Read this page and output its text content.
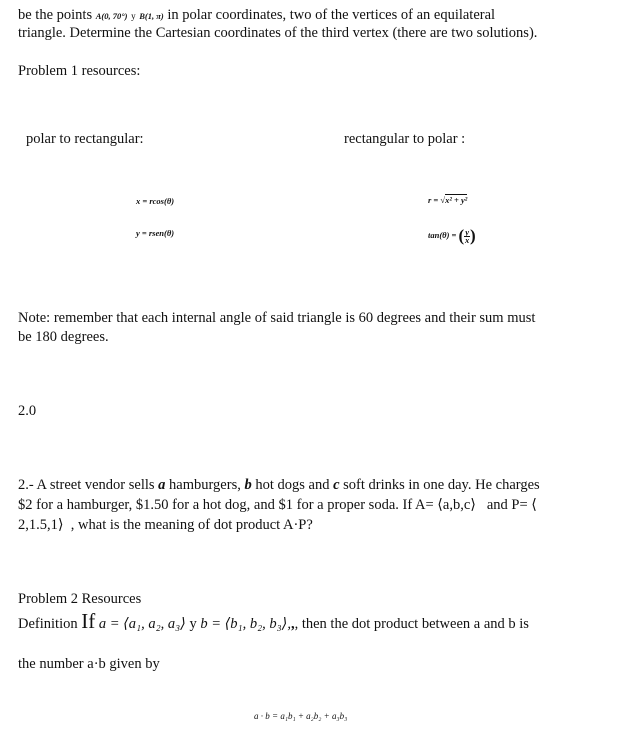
be the points A(0, 70°) y B(1, π) in polar coordinates, two of the vertices of an equilateral
triangle. Determine the Cartesian coordinates of the third vertex (there are two solutions).
Problem 1 resources:
polar to rectangular:	rectangular to polar :
x = rcos(θ)
y = rsen(θ)
r = √x² + y²
tan(θ) = ( $\frac{y}{x}$ )
Note: remember that each internal angle of said triangle is 60 degrees and their sum must
be 180 degrees.
2.0
2.- A street vendor sells a hamburgers, b hot dogs and c soft drinks in one day. He charges
$2 for a hamburger, $1.50 for a hot dog, and $1 for a proper soda. If A= ⟨a,b,c⟩   and P= ⟨
2,1.5,1⟩  , what is the meaning of dot product A·P?
Problem 2 Resources
Definition If a = ⟨a₁, a₂, a₃⟩ y b = ⟨b₁, b₂, b₃⟩,,, then the dot product between a and b is
the number a·b given by
a · b = a₁b₁ + a₂b₂ + a₃b₃
